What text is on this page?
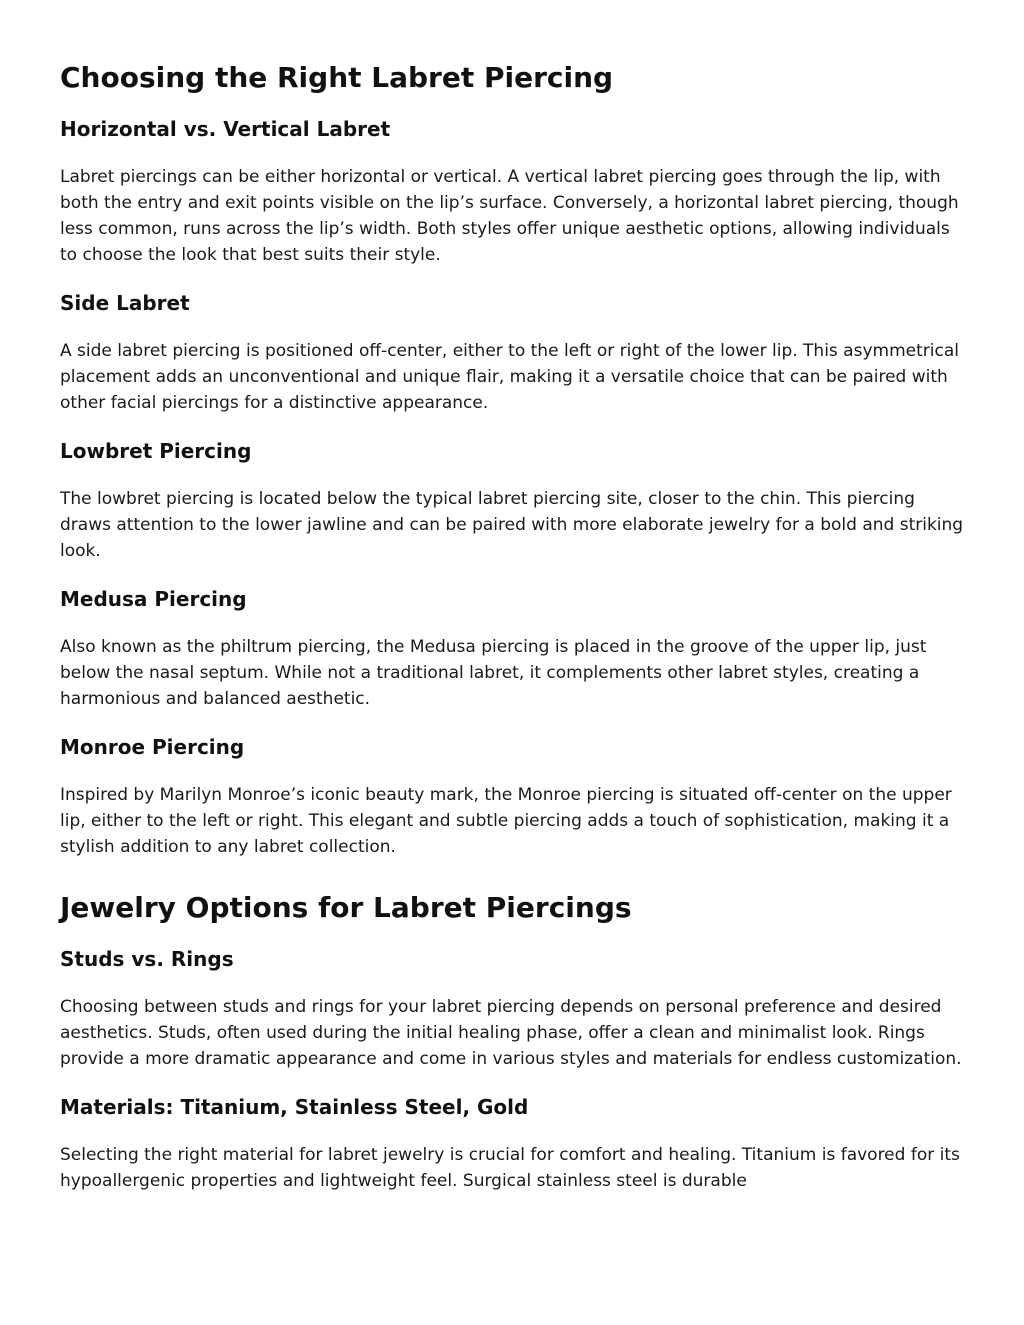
Choosing the Right Labret Piercing
Horizontal vs. Vertical Labret

Labret piercings can be either horizontal or vertical. A vertical labret piercing goes through the lip, with both the entry and exit points visible on the lip’s surface. Conversely, a horizontal labret piercing, though less common, runs across the lip’s width. Both styles offer unique aesthetic options, allowing individuals to choose the look that best suits their style.

Side Labret

A side labret piercing is positioned off-center, either to the left or right of the lower lip. This asymmetrical placement adds an unconventional and unique flair, making it a versatile choice that can be paired with other facial piercings for a distinctive appearance.

Lowbret Piercing

The lowbret piercing is located below the typical labret piercing site, closer to the chin. This piercing draws attention to the lower jawline and can be paired with more elaborate jewelry for a bold and striking look.

Medusa Piercing

Also known as the philtrum piercing, the Medusa piercing is placed in the groove of the upper lip, just below the nasal septum. While not a traditional labret, it complements other labret styles, creating a harmonious and balanced aesthetic.

Monroe Piercing

Inspired by Marilyn Monroe’s iconic beauty mark, the Monroe piercing is situated off-center on the upper lip, either to the left or right. This elegant and subtle piercing adds a touch of sophistication, making it a stylish addition to any labret collection.

Jewelry Options for Labret Piercings
Studs vs. Rings

Choosing between studs and rings for your labret piercing depends on personal preference and desired aesthetics. Studs, often used during the initial healing phase, offer a clean and minimalist look. Rings provide a more dramatic appearance and come in various styles and materials for endless customization.

Materials: Titanium, Stainless Steel, Gold

Selecting the right material for labret jewelry is crucial for comfort and healing. Titanium is favored for its hypoallergenic properties and lightweight feel. Surgical stainless steel is durable
